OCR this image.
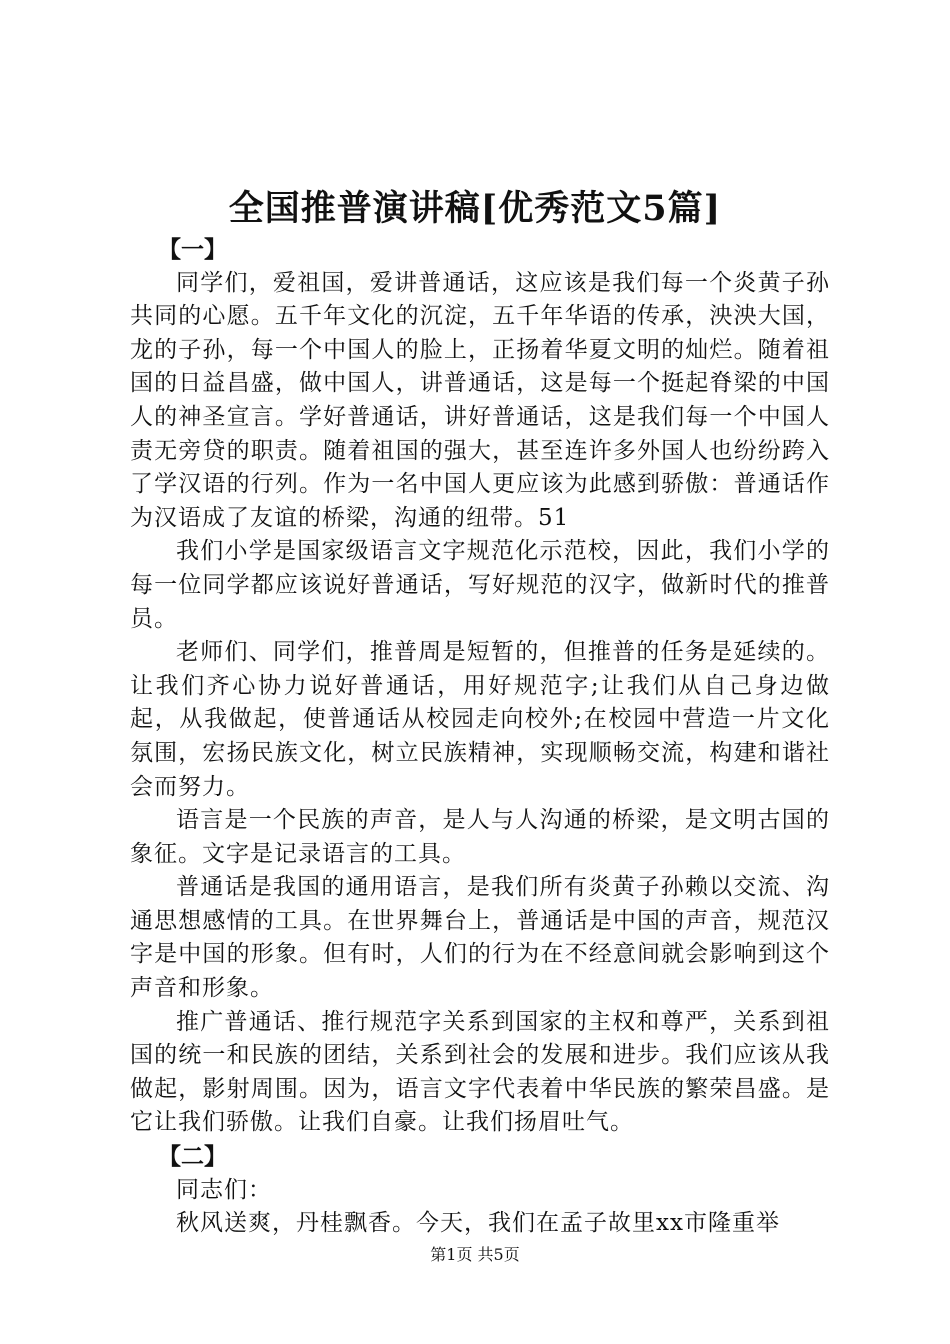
全国推普演讲稿[优秀范文5篇]

【一】

同学们，爱祖国，爱讲普通话，这应该是我们每一个炎黄子孙共同的心愿。五千年文化的沉淀，五千年华语的传承，泱泱大国，龙的子孙，每一个中国人的脸上，正扬着华夏文明的灿烂。随着祖国的日益昌盛，做中国人，讲普通话，这是每一个挺起脊梁的中国人的神圣宣言。学好普通话，讲好普通话，这是我们每一个中国人责无旁贷的职责。随着祖国的强大，甚至连许多外国人也纷纷跨入了学汉语的行列。作为一名中国人更应该为此感到骄傲：普通话作为汉语成了友谊的桥梁，沟通的纽带。51

我们小学是国家级语言文字规范化示范校，因此，我们小学的每一位同学都应该说好普通话，写好规范的汉字，做新时代的推普员。

老师们、同学们，推普周是短暂的，但推普的任务是延续的。让我们齐心协力说好普通话，用好规范字;让我们从自己身边做起，从我做起，使普通话从校园走向校外;在校园中营造一片文化氛围，宏扬民族文化，树立民族精神，实现顺畅交流，构建和谐社会而努力。

语言是一个民族的声音，是人与人沟通的桥梁，是文明古国的象征。文字是记录语言的工具。

普通话是我国的通用语言，是我们所有炎黄子孙赖以交流、沟通思想感情的工具。在世界舞台上，普通话是中国的声音，规范汉字是中国的形象。但有时，人们的行为在不经意间就会影响到这个声音和形象。

推广普通话、推行规范字关系到国家的主权和尊严，关系到祖国的统一和民族的团结，关系到社会的发展和进步。我们应该从我做起，影射周围。因为，语言文字代表着中华民族的繁荣昌盛。是它让我们骄傲。让我们自豪。让我们扬眉吐气。

【二】

同志们：

秋风送爽，丹桂飘香。今天，我们在孟子故里xx市隆重举

第1页 共5页
